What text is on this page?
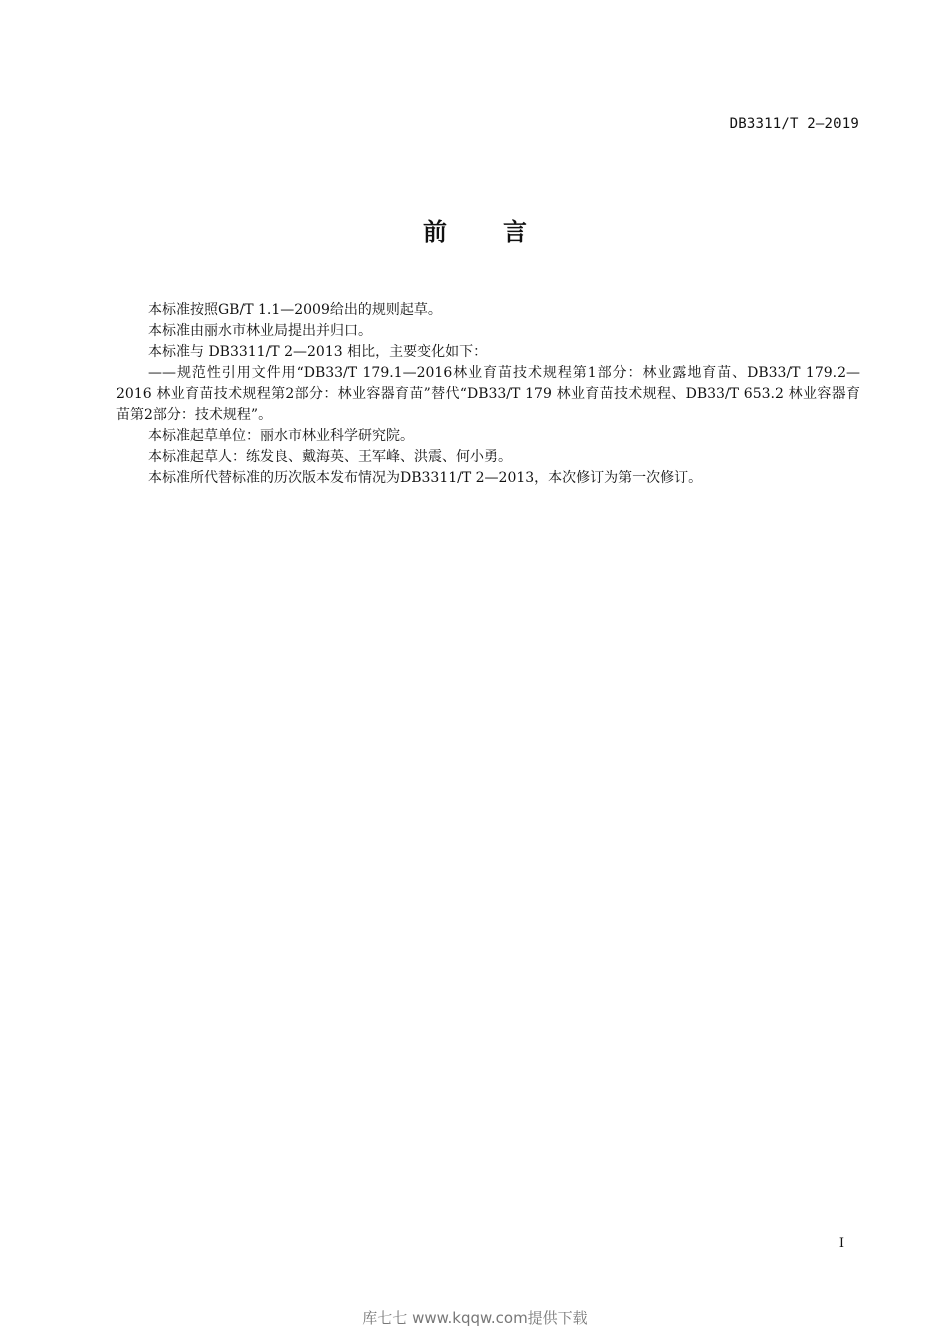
DB3311/T 2—2019
前 言

本标准按照GB/T 1.1—2009给出的规则起草。

本标准由丽水市林业局提出并归口。

本标准与 DB3311/T 2—2013 相比，主要变化如下：

——规范性引用文件用“DB33/T 179.1—2016林业育苗技术规程第1部分：林业露地育苗、DB33/T 179.2—2016 林业育苗技术规程第2部分：林业容器育苗”替代“DB33/T 179 林业育苗技术规程、DB33/T 653.2 林业容器育苗第2部分：技术规程”。

本标准起草单位：丽水市林业科学研究院。

本标准起草人：练发良、戴海英、王军峰、洪震、何小勇。

本标准所代替标准的历次版本发布情况为DB3311/T 2—2013，本次修订为第一次修订。

I
库七七 www.kqqw.com提供下载
